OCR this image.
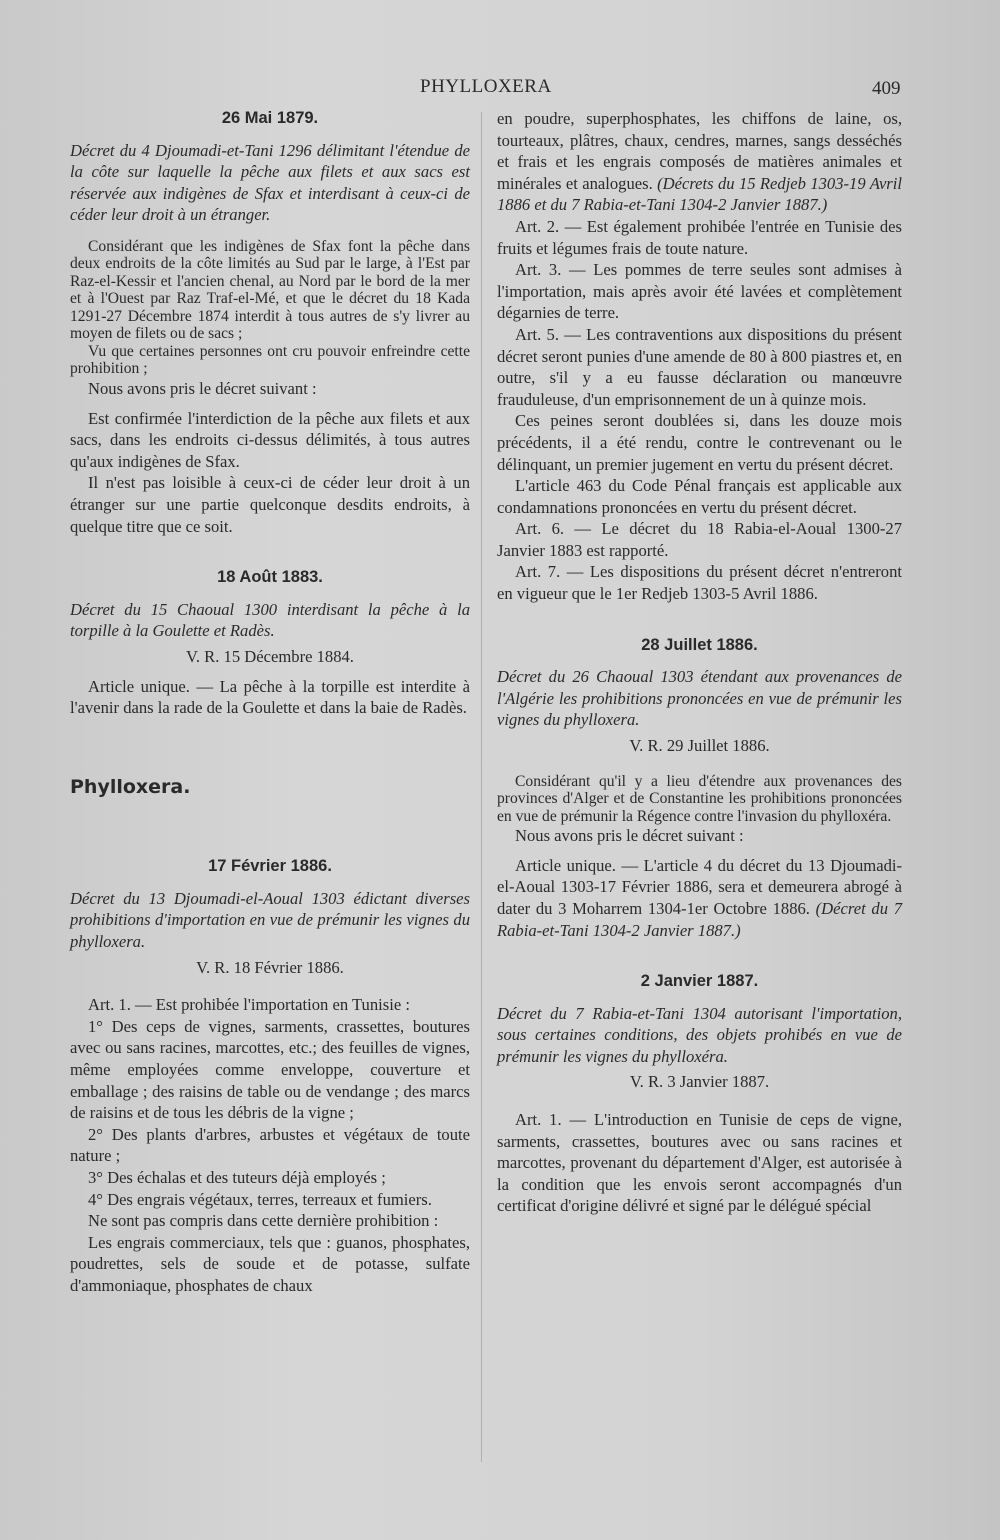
PHYLLOXERA	409

26 Mai 1879.

Décret du 4 Djoumadi-et-Tani 1296 délimitant l'étendue de la côte sur laquelle la pêche aux filets et aux sacs est réservée aux indigènes de Sfax et interdisant à ceux-ci de céder leur droit à un étranger.

Considérant que les indigènes de Sfax font la pêche dans deux endroits de la côte limités au Sud par le large, à l'Est par Raz-el-Kessir et l'ancien chenal, au Nord par le bord de la mer et à l'Ouest par Raz Traf-el-Mé, et que le décret du 18 Kada 1291-27 Décembre 1874 interdit à tous autres de s'y livrer au moyen de filets ou de sacs ;

Vu que certaines personnes ont cru pouvoir enfreindre cette prohibition ;

Nous avons pris le décret suivant :

Est confirmée l'interdiction de la pêche aux filets et aux sacs, dans les endroits ci-dessus délimités, à tous autres qu'aux indigènes de Sfax.

Il n'est pas loisible à ceux-ci de céder leur droit à un étranger sur une partie quelconque desdits endroits, à quelque titre que ce soit.

18 Août 1883.

Décret du 15 Chaoual 1300 interdisant la pêche à la torpille à la Goulette et Radès.

V. R. 15 Décembre 1884.

Article unique. — La pêche à la torpille est interdite à l'avenir dans la rade de la Goulette et dans la baie de Radès.

Phylloxera.

17 Février 1886.

Décret du 13 Djoumadi-el-Aoual 1303 édictant diverses prohibitions d'importation en vue de prémunir les vignes du phylloxera.

V. R. 18 Février 1886.

Art. 1. — Est prohibée l'importation en Tunisie :

1° Des ceps de vignes, sarments, crassettes, boutures avec ou sans racines, marcottes, etc.; des feuilles de vignes, même employées comme enveloppe, couverture et emballage ; des raisins de table ou de vendange ; des marcs de raisins et de tous les débris de la vigne ;

2° Des plants d'arbres, arbustes et végétaux de toute nature ;

3° Des échalas et des tuteurs déjà employés ;

4° Des engrais végétaux, terres, terreaux et fumiers.

Ne sont pas compris dans cette dernière prohibition :

Les engrais commerciaux, tels que : guanos, phosphates, poudrettes, sels de soude et de potasse, sulfate d'ammoniaque, phosphates de chaux

en poudre, superphosphates, les chiffons de laine, os, tourteaux, plâtres, chaux, cendres, marnes, sangs desséchés et frais et les engrais composés de matières animales et minérales et analogues. (Décrets du 15 Redjeb 1303-19 Avril 1886 et du 7 Rabia-et-Tani 1304-2 Janvier 1887.)

Art. 2. — Est également prohibée l'entrée en Tunisie des fruits et légumes frais de toute nature.

Art. 3. — Les pommes de terre seules sont admises à l'importation, mais après avoir été lavées et complètement dégarnies de terre.

Art. 5. — Les contraventions aux dispositions du présent décret seront punies d'une amende de 80 à 800 piastres et, en outre, s'il y a eu fausse déclaration ou manœuvre frauduleuse, d'un emprisonnement de un à quinze mois.

Ces peines seront doublées si, dans les douze mois précédents, il a été rendu, contre le contrevenant ou le délinquant, un premier jugement en vertu du présent décret.

L'article 463 du Code Pénal français est applicable aux condamnations prononcées en vertu du présent décret.

Art. 6. — Le décret du 18 Rabia-el-Aoual 1300-27 Janvier 1883 est rapporté.

Art. 7. — Les dispositions du présent décret n'entreront en vigueur que le 1er Redjeb 1303-5 Avril 1886.

28 Juillet 1886.

Décret du 26 Chaoual 1303 étendant aux provenances de l'Algérie les prohibitions prononcées en vue de prémunir les vignes du phylloxera.

V. R. 29 Juillet 1886.

Considérant qu'il y a lieu d'étendre aux provenances des provinces d'Alger et de Constantine les prohibitions prononcées en vue de prémunir la Régence contre l'invasion du phylloxéra.

Nous avons pris le décret suivant :

Article unique. — L'article 4 du décret du 13 Djoumadi-el-Aoual 1303-17 Février 1886, sera et demeurera abrogé à dater du 3 Moharrem 1304-1er Octobre 1886. (Décret du 7 Rabia-et-Tani 1304-2 Janvier 1887.)

2 Janvier 1887.

Décret du 7 Rabia-et-Tani 1304 autorisant l'importation, sous certaines conditions, des objets prohibés en vue de prémunir les vignes du phylloxéra.

V. R. 3 Janvier 1887.

Art. 1. — L'introduction en Tunisie de ceps de vigne, sarments, crassettes, boutures avec ou sans racines et marcottes, provenant du département d'Alger, est autorisée à la condition que les envois seront accompagnés d'un certificat d'origine délivré et signé par le délégué spécial
